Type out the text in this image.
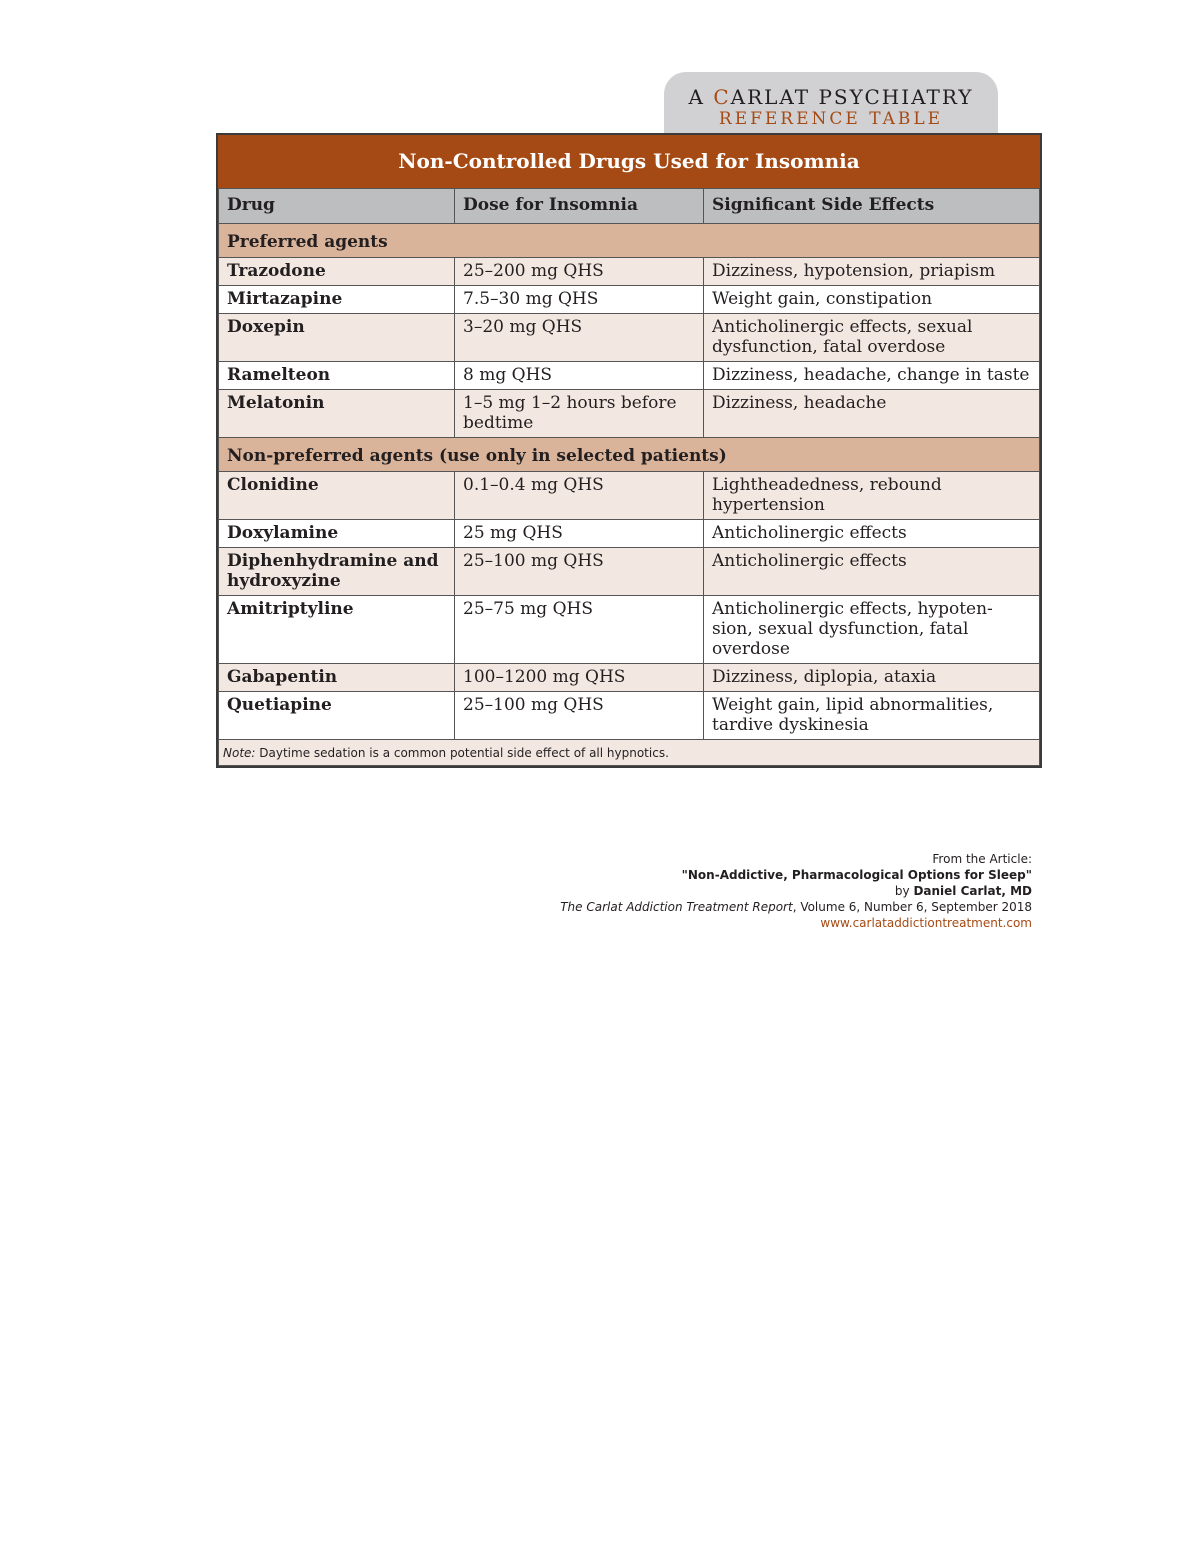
A CARLAT PSYCHIATRY
REFERENCE TABLE
Non-Controlled Drugs Used for Insomnia
Drug	Dose for Insomnia	Significant Side Effects
Preferred agents		
Trazodone	25–200 mg QHS	Dizziness, hypotension, priapism
Mirtazapine	7.5–30 mg QHS	Weight gain, constipation
Doxepin	3–20 mg QHS	Anticholinergic effects, sexual dysfunction, fatal overdose
Ramelteon	8 mg QHS	Dizziness, headache, change in taste
Melatonin	1–5 mg 1–2 hours before bedtime	Dizziness, headache
Non-preferred agents (use only in selected patients)		
Clonidine	0.1–0.4 mg QHS	Lightheadedness, rebound hypertension
Doxylamine	25 mg QHS	Anticholinergic effects
Diphenhydramine and hydroxyzine	25–100 mg QHS	Anticholinergic effects
Amitriptyline	25–75 mg QHS	Anticholinergic effects, hypoten-sion, sexual dysfunction, fatal overdose
Gabapentin	100–1200 mg QHS	Dizziness, diplopia, ataxia
Quetiapine	25–100 mg QHS	Weight gain, lipid abnormalities, tardive dyskinesia
Note: Daytime sedation is a common potential side effect of all hypnotics.		
From the Article:
"Non-Addictive, Pharmacological Options for Sleep"
by Daniel Carlat, MD
The Carlat Addiction Treatment Report, Volume 6, Number 6, September 2018
www.carlataddictiontreatment.com
